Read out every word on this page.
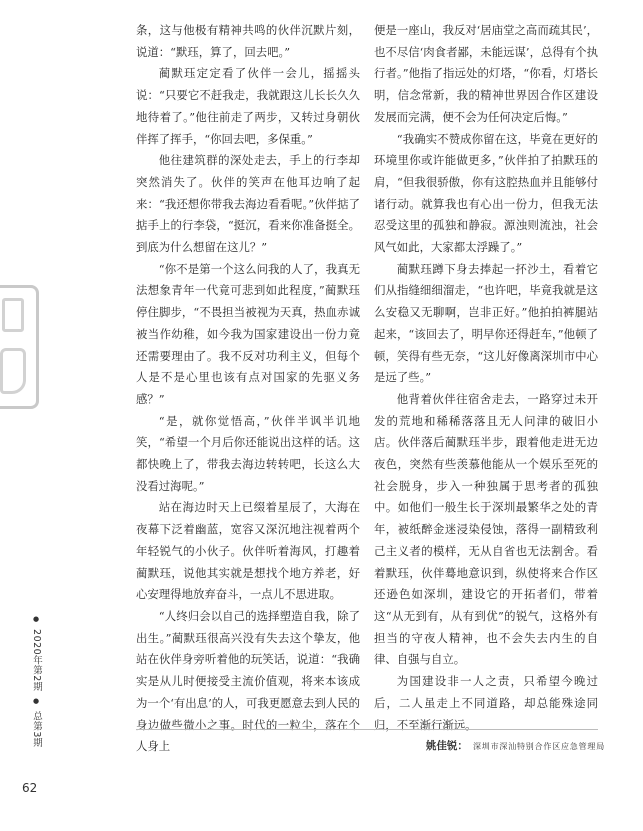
条，这与他极有精神共鸣的伙伴沉默片刻，说道：“默珏，算了，回去吧。”

蔺默珏定定看了伙伴一会儿，摇摇头说：“只要它不赶我走，我就跟这儿长长久久地待着了。”他往前走了两步，又转过身朝伙伴挥了挥手，“你回去吧，多保重。”

他往建筑群的深处走去，手上的行李却突然消失了。伙伴的笑声在他耳边响了起来：“我还想你带我去海边看看呢。”伙伴掂了掂手上的行李袋，“挺沉，看来你准备挺全。到底为什么想留在这儿？”

“你不是第一个这么问我的人了，我真无法想象青年一代竟可悲到如此程度，”蔺默珏停住脚步，“不畏担当被视为天真，热血赤诚被当作幼稚，如今我为国家建设出一份力竟还需要理由了。我不反对功利主义，但每个人是不是心里也该有点对国家的先驱义务感？”

“是，就你觉悟高，”伙伴半讽半讥地笑，“希望一个月后你还能说出这样的话。这都快晚上了，带我去海边转转吧，长这么大没看过海呢。”

站在海边时天上已缀着星辰了，大海在夜幕下泛着幽蓝，宽容又深沉地注视着两个年轻锐气的小伙子。伙伴听着海风，打趣着蔺默珏，说他其实就是想找个地方养老，好心安理得地放弃奋斗，一点儿不思进取。

“人终归会以自己的选择塑造自我，除了出生。”蔺默珏很高兴没有失去这个挚友，他站在伙伴身旁听着他的玩笑话，说道：“我确实是从儿时便接受主流价值观，将来本该成为一个‘有出息’的人，可我更愿意去到人民的身边做些微小之事。时代的一粒尘，落在个人身上

便是一座山，我反对‘居庙堂之高而疏其民’，也不尽信‘肉食者鄙，未能远谋’，总得有个执行者。”他指了指远处的灯塔，“你看，灯塔长明，信念常新，我的精神世界因合作区建设发展而完满，便不会为任何决定后悔。”

“我确实不赞成你留在这，毕竟在更好的环境里你或许能做更多，”伙伴拍了拍默珏的肩，“但我很骄傲，你有这腔热血并且能够付诸行动。就算我也有心出一份力，但我无法忍受这里的孤独和静寂。源浊则流浊，社会风气如此，大家都太浮躁了。”

蔺默珏蹲下身去捧起一抔沙土，看着它们从指缝细细溜走，“也许吧，毕竟我就是这么安稳又无聊啊，岂非正好。”他拍拍裤腿站起来，“该回去了，明早你还得赶车，”他顿了顿，笑得有些无奈，“这儿好像离深圳市中心是远了些。”

他背着伙伴往宿舍走去，一路穿过未开发的荒地和稀稀落落且无人问津的破旧小店。伙伴落后蔺默珏半步，跟着他走进无边夜色，突然有些羡慕他能从一个娱乐至死的社会脱身，步入一种独属于思考者的孤独中。如他们一般生长于深圳最繁华之处的青年，被纸醉金迷浸染侵蚀，落得一副精致利己主义者的模样，无从自省也无法割舍。看着默珏，伙伴蓦地意识到，纵使将来合作区还逊色如深圳，建设它的开拓者们，带着这“从无到有，从有到优”的锐气，这格外有担当的守夜人精神，也不会失去内生的自律、自强与自立。

为国建设非一人之责，只希望今晚过后，二人虽走上不同道路，却总能殊途同归，不至渐行渐远。

● 2020年第2期 ● 总第3期
62
姚佳锐： 深圳市深汕特别合作区应急管理局
